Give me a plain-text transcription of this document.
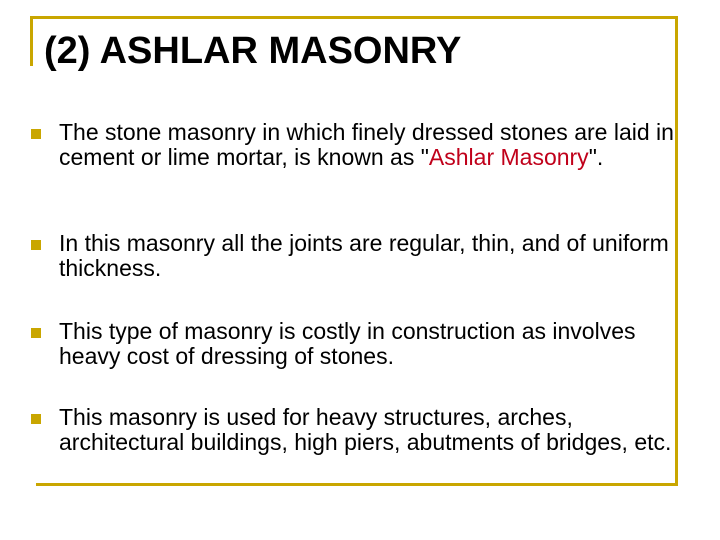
(2) ASHLAR MASONRY
The stone masonry in which finely dressed stones are laid in cement or lime mortar, is known as "Ashlar Masonry".
In this masonry all the joints are regular, thin, and of uniform thickness.
This type of masonry is costly in construction as involves heavy cost of dressing of stones.
This masonry is used for heavy structures, arches, architectural buildings, high piers, abutments of bridges, etc.
